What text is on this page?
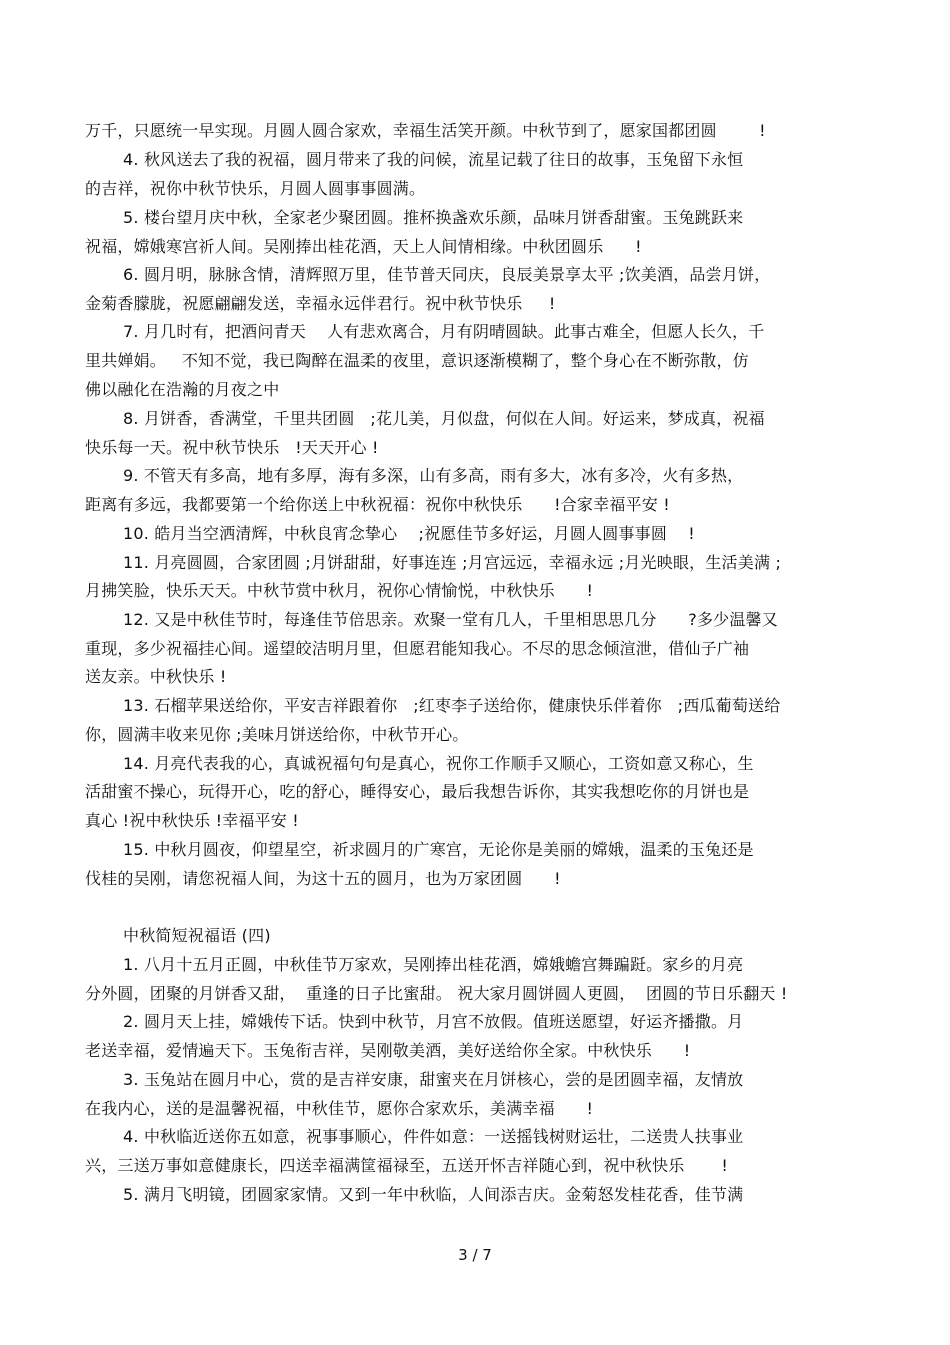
万千，只愿统一早实现。月圆人圆合家欢，幸福生活笑开颜。中秋节到了，愿家国都团圆        !
4. 秋风送去了我的祝福，圆月带来了我的问候，流星记载了往日的故事，玉兔留下永恒
的吉祥，祝你中秋节快乐，月圆人圆事事圆满。
5. 楼台望月庆中秋，全家老少聚团圆。推杯换盏欢乐颜，品味月饼香甜蜜。玉兔跳跃来
祝福，嫦娥寒宫祈人间。吴刚捧出桂花酒，天上人间情相缘。中秋团圆乐      !
6. 圆月明，脉脉含情，清辉照万里，佳节普天同庆，良辰美景享太平 ;饮美酒，品尝月饼，
金菊香朦胧，祝愿翩翩发送，幸福永远伴君行。祝中秋节快乐     !
7. 月几时有，把酒问青天    人有悲欢离合，月有阴晴圆缺。此事古难全，但愿人长久，千
里共婵娟。   不知不觉，我已陶醉在温柔的夜里，意识逐渐模糊了，整个身心在不断弥散，仿
佛以融化在浩瀚的月夜之中
8. 月饼香，香满堂，千里共团圆   ;花儿美，月似盘，何似在人间。好运来，梦成真，祝福
快乐每一天。祝中秋节快乐   !天天开心 !
9. 不管天有多高，地有多厚，海有多深，山有多高，雨有多大，冰有多冷，火有多热，
距离有多远，我都要第一个给你送上中秋祝福：祝你中秋快乐      !合家幸福平安 !
10. 皓月当空洒清辉，中秋良宵念挚心    ;祝愿佳节多好运，月圆人圆事事圆    !
11. 月亮圆圆，合家团圆 ;月饼甜甜，好事连连 ;月宫远远，幸福永远 ;月光映眼，生活美满 ;
月拂笑脸，快乐天天。中秋节赏中秋月，祝你心情愉悦，中秋快乐      !
12. 又是中秋佳节时，每逢佳节倍思亲。欢聚一堂有几人，千里相思思几分      ?多少温馨又
重现，多少祝福挂心间。遥望皎洁明月里，但愿君能知我心。不尽的思念倾渲泄，借仙子广袖
送友亲。中秋快乐 !
13. 石榴苹果送给你，平安吉祥跟着你   ;红枣李子送给你，健康快乐伴着你   ;西瓜葡萄送给
你，圆满丰收来见你 ;美味月饼送给你，中秋节开心。
14. 月亮代表我的心，真诚祝福句句是真心，祝你工作顺手又顺心，工资如意又称心，生
活甜蜜不操心，玩得开心，吃的舒心，睡得安心，最后我想告诉你，其实我想吃你的月饼也是
真心 !祝中秋快乐 !幸福平安 !
15. 中秋月圆夜，仰望星空，祈求圆月的广寒宫，无论你是美丽的嫦娥，温柔的玉兔还是
伐桂的吴刚，请您祝福人间，为这十五的圆月，也为万家团圆      !
中秋简短祝福语 (四)
1. 八月十五月正圆，中秋佳节万家欢，吴刚捧出桂花酒，嫦娥蟾宫舞蹁跹。家乡的月亮
分外圆，团聚的月饼香又甜，  重逢的日子比蜜甜。 祝大家月圆饼圆人更圆，  团圆的节日乐翻天 !
2. 圆月天上挂，嫦娥传下话。快到中秋节，月宫不放假。值班送愿望，好运齐播撒。月
老送幸福，爱情遍天下。玉兔衔吉祥，吴刚敬美酒，美好送给你全家。中秋快乐      !
3. 玉兔站在圆月中心，赏的是吉祥安康，甜蜜夹在月饼核心，尝的是团圆幸福，友情放
在我内心，送的是温馨祝福，中秋佳节，愿你合家欢乐，美满幸福      !
4. 中秋临近送你五如意，祝事事顺心，件件如意：一送摇钱树财运壮，二送贵人扶事业
兴，三送万事如意健康长，四送幸福满筐福禄至，五送开怀吉祥随心到，祝中秋快乐       !
5. 满月飞明镜，团圆家家情。又到一年中秋临，人间添吉庆。金菊怒发桂花香，佳节满
3 / 7
